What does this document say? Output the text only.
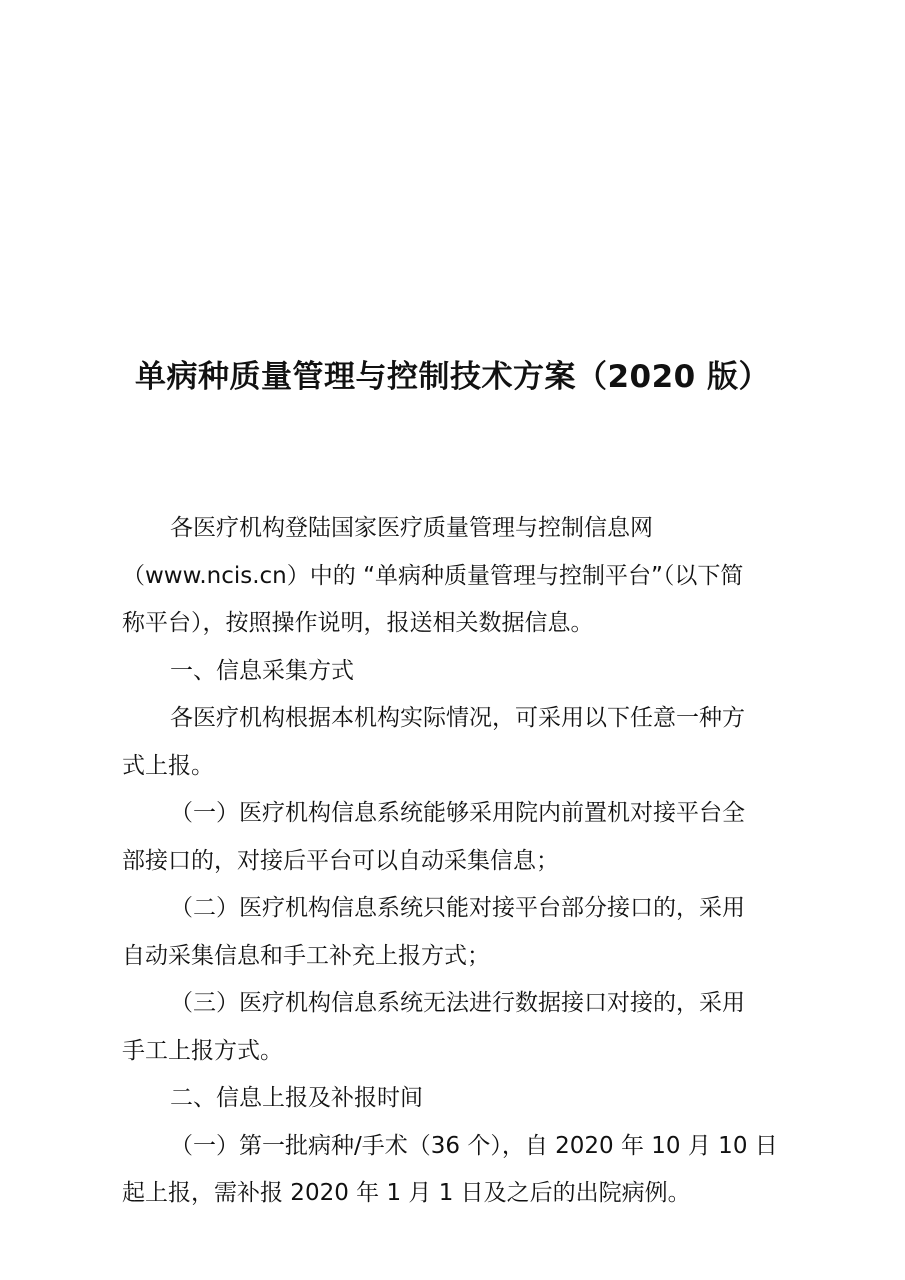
单病种质量管理与控制技术方案（2020 版）
各医疗机构登陆国家医疗质量管理与控制信息网
（www.ncis.cn）中的 “单病种质量管理与控制平台”（以下简
称平台），按照操作说明，报送相关数据信息。
一、信息采集方式
各医疗机构根据本机构实际情况，可采用以下任意一种方
式上报。
（一）医疗机构信息系统能够采用院内前置机对接平台全
部接口的，对接后平台可以自动采集信息；
（二）医疗机构信息系统只能对接平台部分接口的，采用
自动采集信息和手工补充上报方式；
（三）医疗机构信息系统无法进行数据接口对接的，采用
手工上报方式。
二、信息上报及补报时间
（一）第一批病种/手术（36 个），自 2020 年 10 月 10 日
起上报，需补报 2020 年 1 月 1 日及之后的出院病例。
